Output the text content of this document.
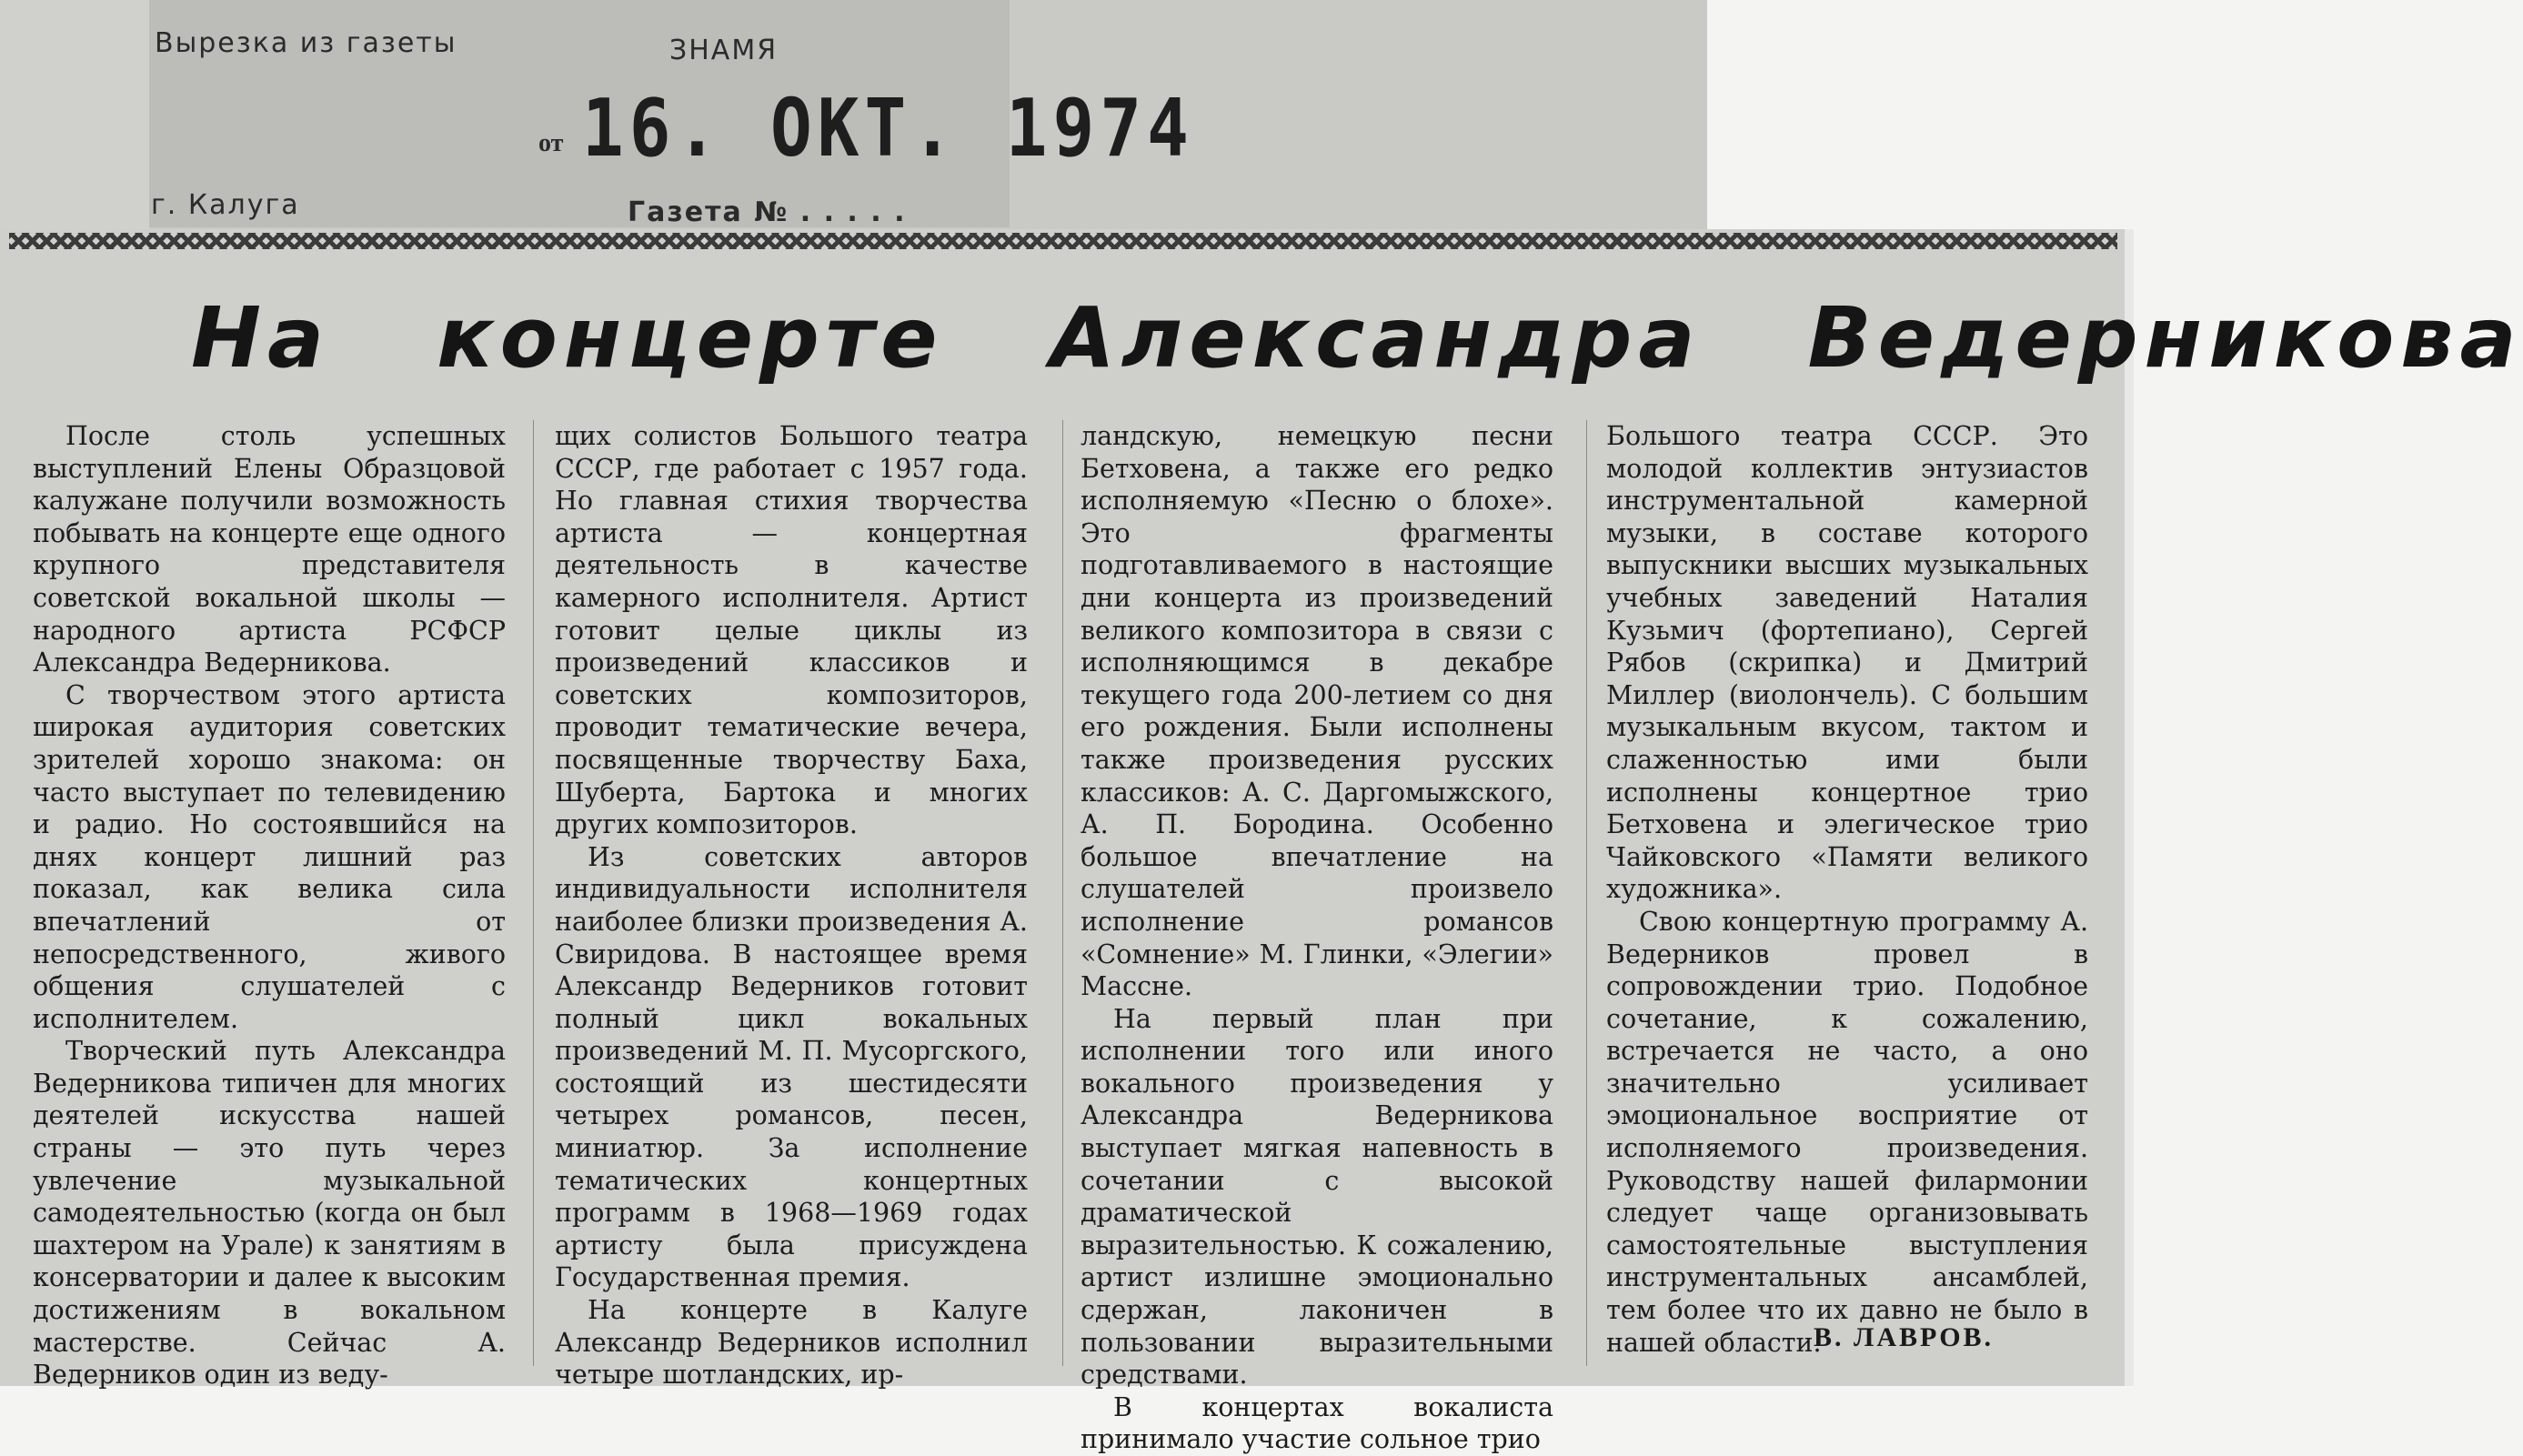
Вырезка из газеты	ЗНАМЯ
от 16. ОКТ. 1974
г. Калуга	Газета № . . . . .
На   концерте   Александра   Ведерникова

После столь успешных выступлений Елены Образцовой калужане получили возможность побывать на концерте еще одного крупного представителя советской вокальной школы — народного артиста РСФСР Александра Ведерникова.

С творчеством этого артиста широкая аудитория советских зрителей хорошо знакома: он часто выступает по телевидению и радио. Но состоявшийся на днях концерт лишний раз показал, как велика сила впечатлений от непосредственного, живого общения слушателей с исполнителем.

Творческий путь Александра Ведерникова типичен для многих деятелей искусства нашей страны — это путь через увлечение музыкальной самодеятельностью (когда он был шахтером на Урале) к занятиям в консерватории и далее к высоким достижениям в вокальном мастерстве. Сейчас А. Ведерников один из веду-

щих солистов Большого театра СССР, где работает с 1957 года. Но главная стихия творчества артиста — концертная деятельность в качестве камерного исполнителя. Артист готовит целые циклы из произведений классиков и советских композиторов, проводит тематические вечера, посвященные творчеству Баха, Шуберта, Бартока и многих других композиторов.

Из советских авторов индивидуальности исполнителя наиболее близки произведения А. Свиридова. В настоящее время Александр Ведерников готовит полный цикл вокальных произведений М. П. Мусоргского, состоящий из шестидесяти четырех романсов, песен, миниатюр. За исполнение тематических концертных программ в 1968—1969 годах артисту была присуждена Государственная премия.

На концерте в Калуге Александр Ведерников исполнил четыре шотландских, ир-

ландскую, немецкую песни Бетховена, а также его редко исполняемую «Песню о блохе». Это фрагменты подготавливаемого в настоящие дни концерта из произведений великого композитора в связи с исполняющимся в декабре текущего года 200-летием со дня его рождения. Были исполнены также произведения русских классиков: А. С. Даргомыжского, А. П. Бородина. Особенно большое впечатление на слушателей произвело исполнение романсов «Сомнение» М. Глинки, «Элегии» Массне.

На первый план при исполнении того или иного вокального произведения у Александра Ведерникова выступает мягкая напевность в сочетании с высокой драматической выразительностью. К сожалению, артист излишне эмоционально сдержан, лаконичен в пользовании выразительными средствами.

В концертах вокалиста принимало участие сольное трио

Большого театра СССР. Это молодой коллектив энтузиастов инструментальной камерной музыки, в составе которого выпускники высших музыкальных учебных заведений Наталия Кузьмич (фортепиано), Сергей Рябов (скрипка) и Дмитрий Миллер (виолончель). С большим музыкальным вкусом, тактом и слаженностью ими были исполнены концертное трио Бетховена и элегическое трио Чайковского «Памяти великого художника».

Свою концертную программу А. Ведерников провел в сопровождении трио. Подобное сочетание, к сожалению, встречается не часто, а оно значительно усиливает эмоциональное восприятие от исполняемого произведения. Руководству нашей филармонии следует чаще организовывать самостоятельные выступления инструментальных ансамблей, тем более что их давно не было в нашей области.

В. ЛАВРОВ.
